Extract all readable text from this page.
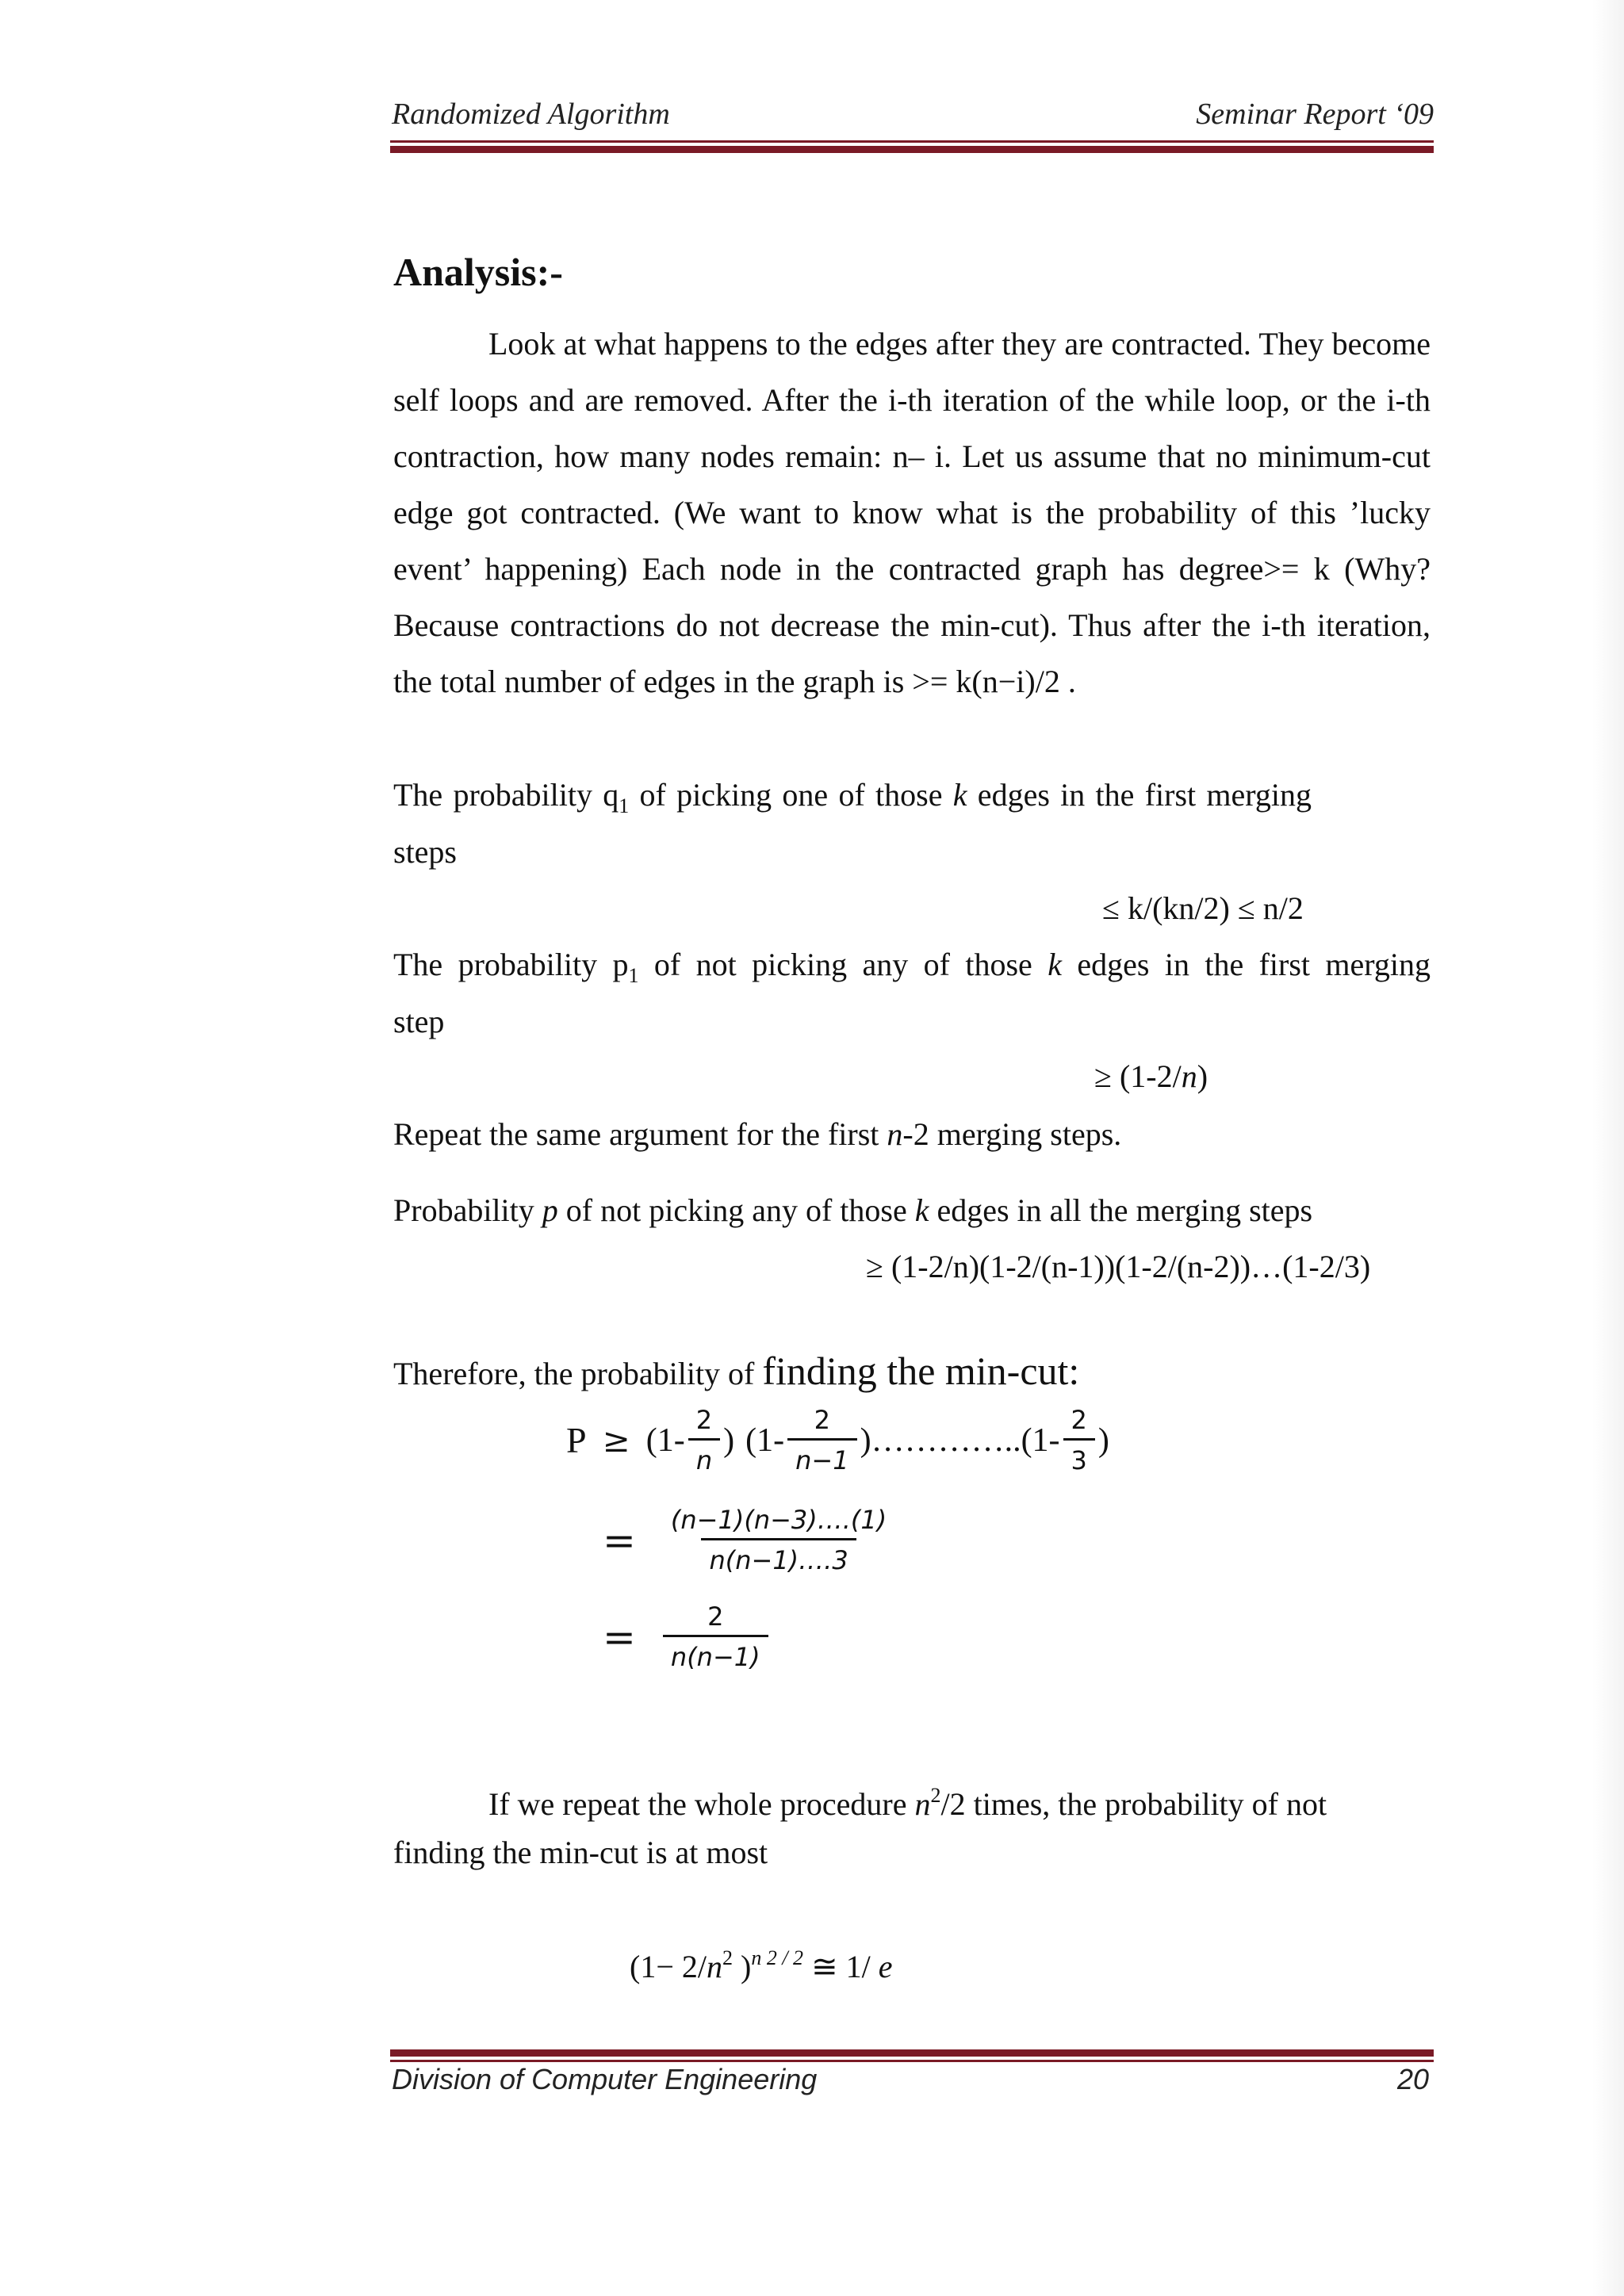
Randomized Algorithm	Seminar Report ‘09
Analysis:-
Look at what happens to the edges after they are contracted. They become self loops and are removed. After the i-th iteration of the while loop, or the i-th contraction, how many nodes remain: n– i. Let us assume that no minimum-cut edge got contracted. (We want to know what is the probability of this ’lucky event’ happening) Each node in the contracted graph has degree>= k (Why? Because contractions do not decrease the min-cut). Thus after the i-th iteration, the total number of edges in the graph is >= k(n−i)/2 .
The probability $q_1$ of picking one of those k edges in the first merging
steps
≤ k/(kn/2) ≤ n/2
The probability $p_1$ of not picking any of those k edges in the first merging
step
≥ (1-2/n)
Repeat the same argument for the first n-2 merging steps.
Probability p of not picking any of those k edges in all the merging steps
≥ (1-2/n)(1-2/(n-1))(1-2/(n-2))…(1-2/3)
Therefore, the probability of finding the min-cut:
$P \ge (1- \frac{2}{n}$ ) ($1- \frac{2}{n-1}$ )…………..(1- $\frac{2}{3}$ )
= $\frac{(n-1)(n-3)\dots.(1)}{n(n-1)\dots.3}$
= $\frac{2}{n(n-1)}$
If we repeat the whole procedure $n^2/2$ times, the probability of not
finding the min-cut is at most
($1- 2/n^2$ )$^{n 2 / 2}$ ≅ 1/ e
Division of Computer Engineering	20
